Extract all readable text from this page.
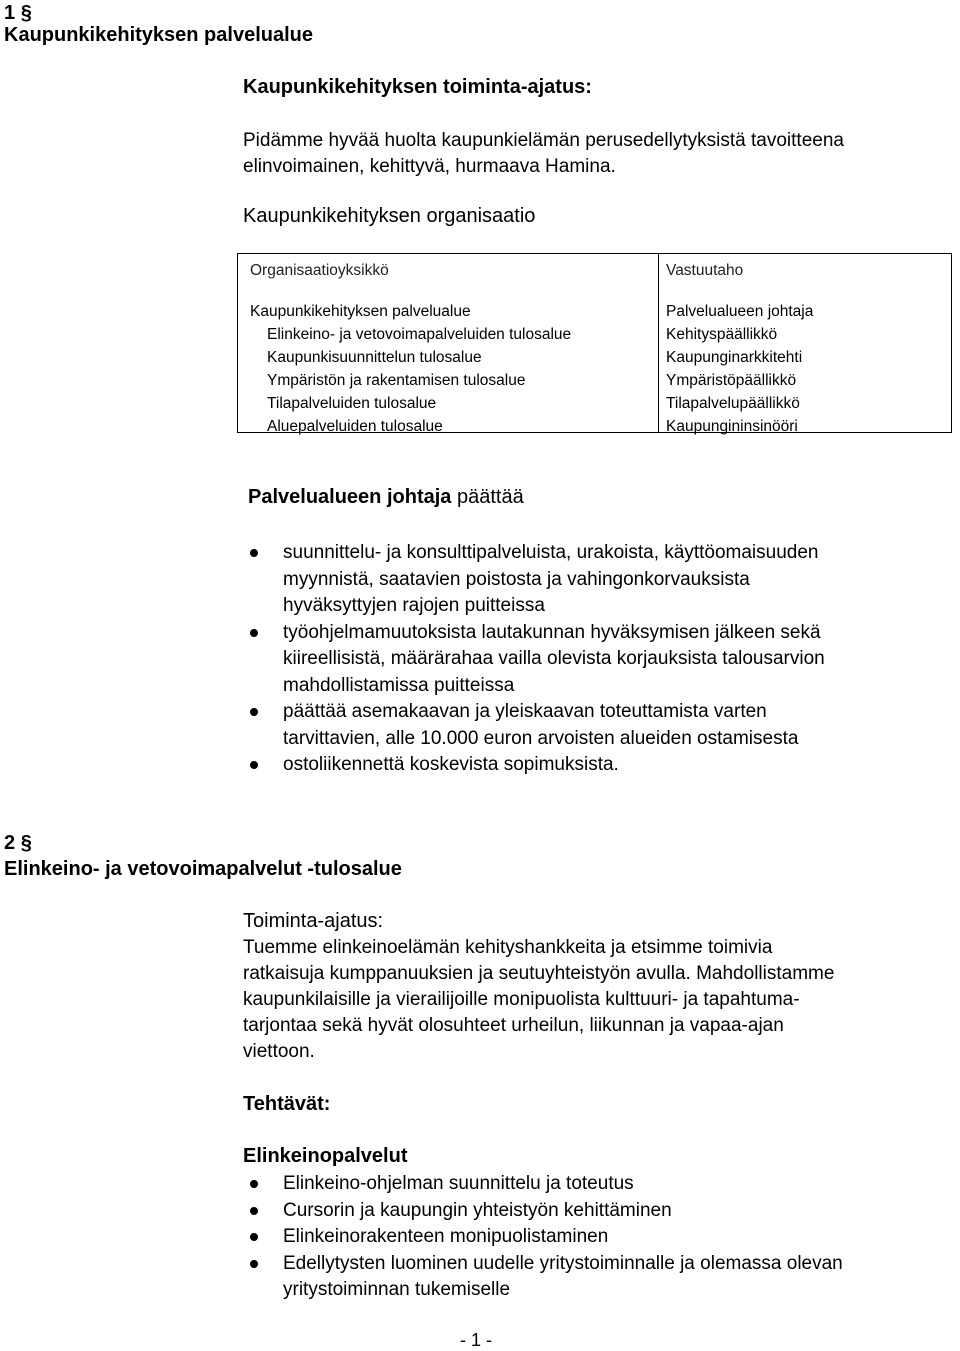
1 §
Kaupunkikehityksen palvelualue
Kaupunkikehityksen toiminta-ajatus:
Pidämme hyvää huolta kaupunkielämän perusedellytyksistä tavoitteena
elinvoimainen, kehittyvä, hurmaava Hamina.
Kaupunkikehityksen organisaatio
Organisaatioyksikkö
Kaupunkikehityksen palvelualue
Elinkeino- ja vetovoimapalveluiden tulosalue
Kaupunkisuunnittelun tulosalue
Ympäristön ja rakentamisen tulosalue
Tilapalveluiden tulosalue
Aluepalveluiden tulosalue
Vastuutaho
Palvelualueen johtaja
Kehityspäällikkö
Kaupunginarkkitehti
Ympäristöpäällikkö
Tilapalvelupäällikkö
Kaupungininsinööri
Palvelualueen johtaja päättää
suunnittelu- ja konsulttipalveluista, urakoista, käyttöomaisuuden
myynnistä, saatavien poistosta ja vahingonkorvauksista
hyväksyttyjen rajojen puitteissa
työohjelmamuutoksista lautakunnan hyväksymisen jälkeen sekä
kiireellisistä, määrärahaa vailla olevista korjauksista talousarvion
mahdollistamissa puitteissa
päättää asemakaavan ja yleiskaavan toteuttamista varten
tarvittavien, alle 10.000 euron arvoisten alueiden ostamisesta
ostoliikennettä koskevista sopimuksista.
2 §
Elinkeino- ja vetovoimapalvelut -tulosalue
Toiminta-ajatus:
Tuemme elinkeinoelämän kehityshankkeita ja etsimme toimivia
ratkaisuja kumppanuuksien ja seutuyhteistyön avulla. Mahdollistamme
kaupunkilaisille ja vierailijoille monipuolista kulttuuri- ja tapahtuma-
tarjontaa sekä hyvät olosuhteet urheilun, liikunnan ja vapaa-ajan
viettoon.
Tehtävät:
Elinkeinopalvelut
Elinkeino-ohjelman suunnittelu ja toteutus
Cursorin ja kaupungin yhteistyön kehittäminen
Elinkeinorakenteen monipuolistaminen
Edellytysten luominen uudelle yritystoiminnalle ja olemassa olevan
yritystoiminnan tukemiselle
- 1 -
